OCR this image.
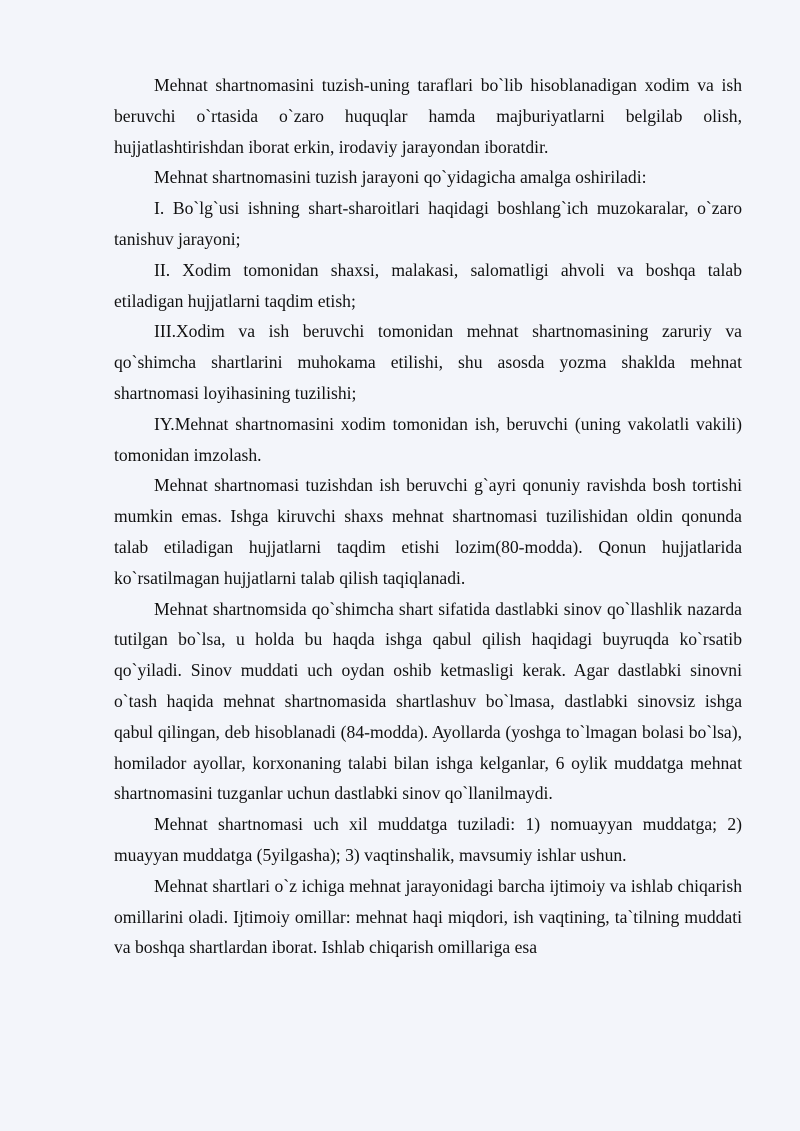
Mehnat shartnomasini tuzish-uning taraflari bo`lib hisoblanadigan xodim va ish beruvchi o`rtasida o`zaro huquqlar hamda majburiyatlarni belgilab olish, hujjatlashtirishdan iborat erkin, irodaviy jarayondan iboratdir.

Mehnat shartnomasini tuzish jarayoni qo`yidagicha amalga oshiriladi:

I. Bo`lg`usi ishning shart-sharoitlari haqidagi boshlang`ich muzokaralar, o`zaro tanishuv jarayoni;

II. Xodim tomonidan shaxsi, malakasi, salomatligi ahvoli va boshqa talab etiladigan hujjatlarni taqdim etish;

III.Xodim va ish beruvchi tomonidan mehnat shartnomasining zaruriy va qo`shimcha shartlarini muhokama etilishi, shu asosda yozma shaklda mehnat shartnomasi loyihasining tuzilishi;

IY.Mehnat shartnomasini xodim tomonidan ish, beruvchi (uning vakolatli vakili) tomonidan imzolash.

Mehnat shartnomasi tuzishdan ish beruvchi g`ayri qonuniy ravishda bosh tortishi mumkin emas. Ishga kiruvchi shaxs mehnat shartnomasi tuzilishidan oldin qonunda talab etiladigan hujjatlarni taqdim etishi lozim(80-modda). Qonun hujjatlarida ko`rsatilmagan hujjatlarni talab qilish taqiqlanadi.

Mehnat shartnomsida qo`shimcha shart sifatida dastlabki sinov qo`llashlik nazarda tutilgan bo`lsa, u holda bu haqda ishga qabul qilish haqidagi buyruqda ko`rsatib qo`yiladi. Sinov muddati uch oydan oshib ketmasligi kerak. Agar dastlabki sinovni o`tash haqida mehnat shartnomasida shartlashuv bo`lmasa, dastlabki sinovsiz ishga qabul qilingan, deb hisoblanadi (84-modda). Ayollarda (yoshga to`lmagan bolasi bo`lsa), homilador ayollar, korxonaning talabi bilan ishga kelganlar, 6 oylik muddatga mehnat shartnomasini tuzganlar uchun dastlabki sinov qo`llanilmaydi.

Mehnat shartnomasi uch xil muddatga tuziladi: 1) nomuayyan muddatga; 2) muayyan muddatga (5yilgasha); 3) vaqtinshalik, mavsumiy ishlar ushun.

Mehnat shartlari o`z ichiga mehnat jarayonidagi barcha ijtimoiy va ishlab chiqarish omillarini oladi. Ijtimoiy omillar: mehnat haqi miqdori, ish vaqtining, ta`tilning muddati va boshqa shartlardan iborat. Ishlab chiqarish omillariga esa
